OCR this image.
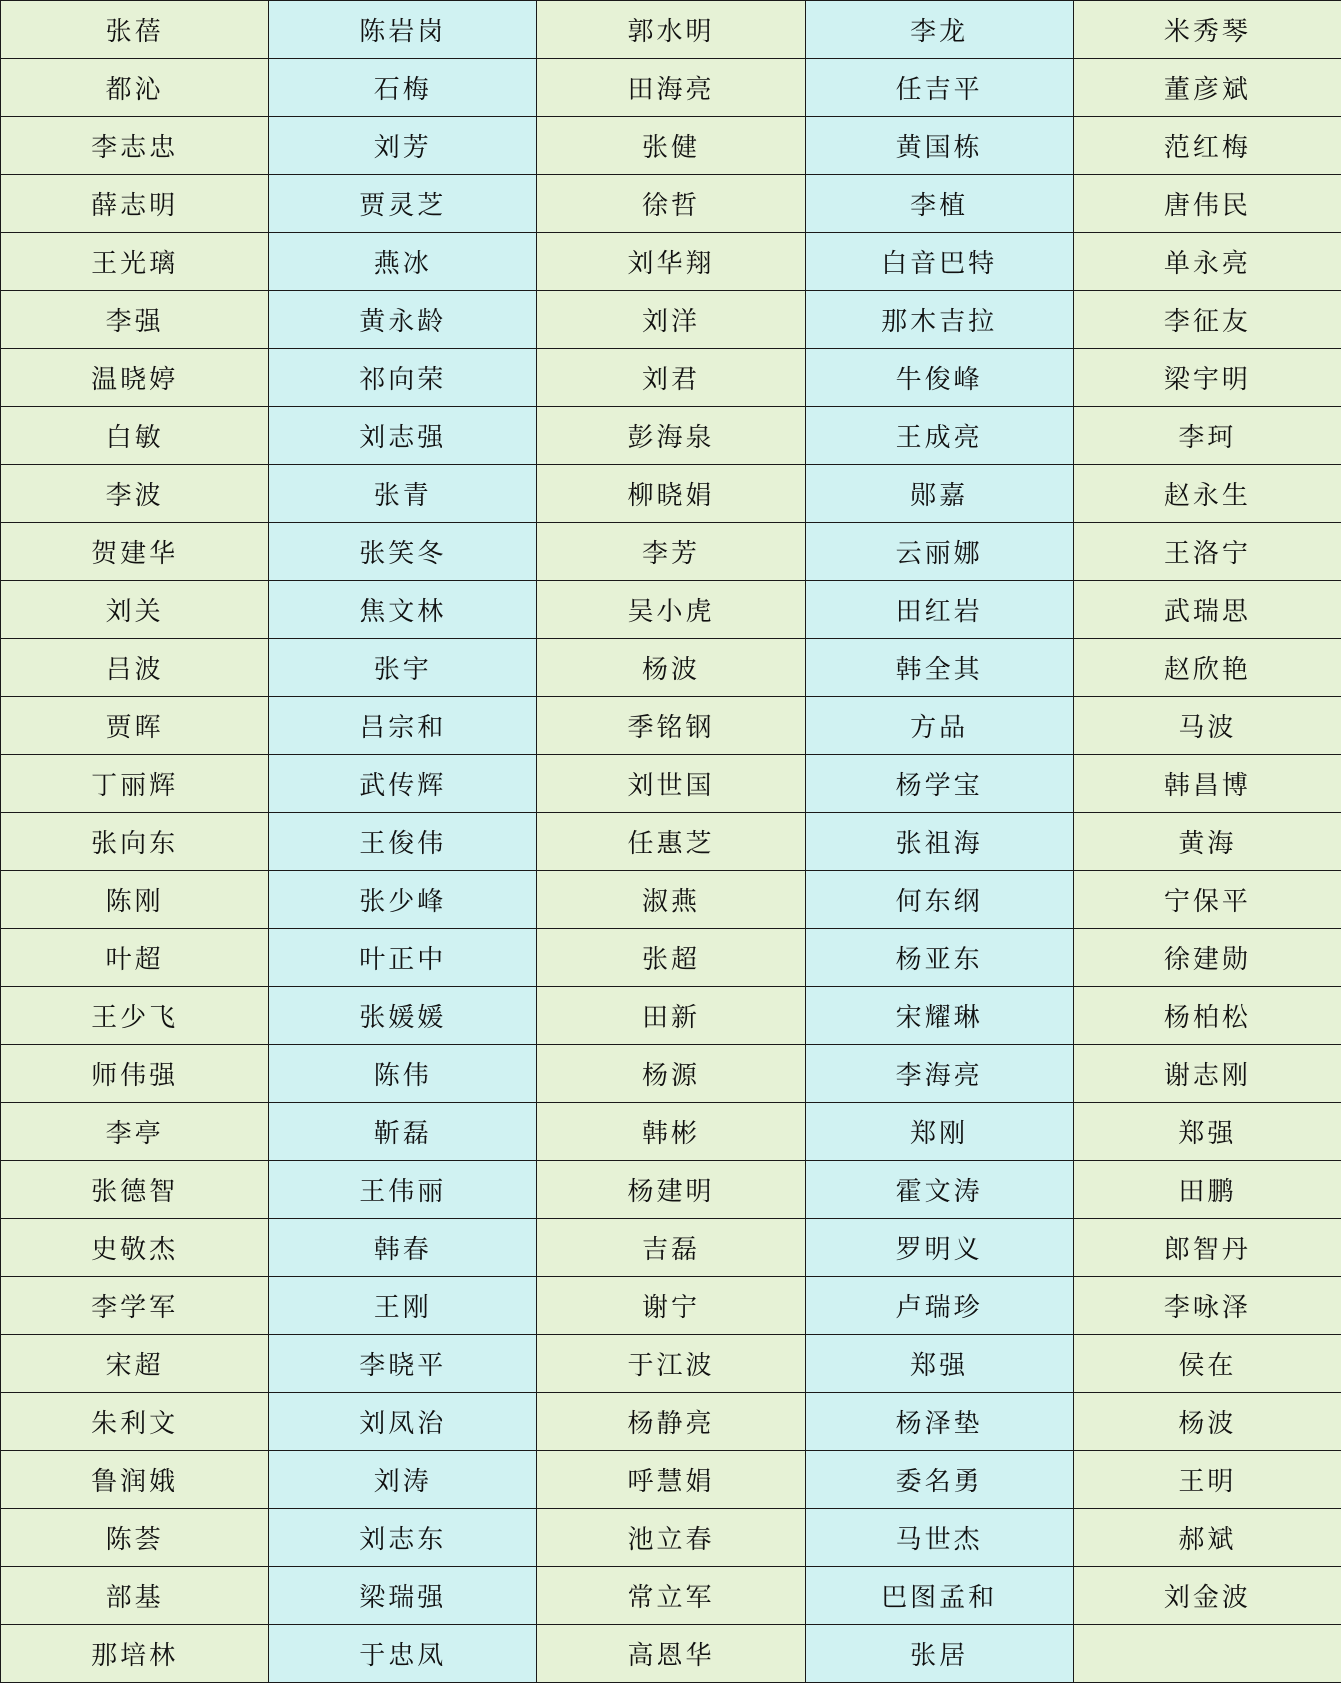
张蓓	陈岩岗	郭水明	李龙	米秀琴
都沁	石梅	田海亮	任吉平	董彦斌
李志忠	刘芳	张健	黄国栋	范红梅
薛志明	贾灵芝	徐哲	李植	唐伟民
王光璃	燕冰	刘华翔	白音巴特	单永亮
李强	黄永龄	刘洋	那木吉拉	李征友
温晓婷	祁向荣	刘君	牛俊峰	梁宇明
白敏	刘志强	彭海泉	王成亮	李珂
李波	张青	柳晓娟	郧嘉	赵永生
贺建华	张笑冬	李芳	云丽娜	王洛宁
刘关	焦文林	吴小虎	田红岩	武瑞思
吕波	张宇	杨波	韩全其	赵欣艳
贾晖	吕宗和	季铭钢	方品	马波
丁丽辉	武传辉	刘世国	杨学宝	韩昌博
张向东	王俊伟	任惠芝	张祖海	黄海
陈刚	张少峰	淑燕	何东纲	宁保平
叶超	叶正中	张超	杨亚东	徐建勋
王少飞	张媛媛	田新	宋耀琳	杨柏松
师伟强	陈伟	杨源	李海亮	谢志刚
李亭	靳磊	韩彬	郑刚	郑强
张德智	王伟丽	杨建明	霍文涛	田鹏
史敬杰	韩春	吉磊	罗明义	郎智丹
李学军	王刚	谢宁	卢瑞珍	李咏泽
宋超	李晓平	于江波	郑强	侯在
朱利文	刘凤治	杨静亮	杨泽垫	杨波
鲁润娥	刘涛	呼慧娟	委名勇	王明
陈荟	刘志东	池立春	马世杰	郝斌
部基	梁瑞强	常立军	巴图孟和	刘金波
那培林	于忠凤	高恩华	张居	
